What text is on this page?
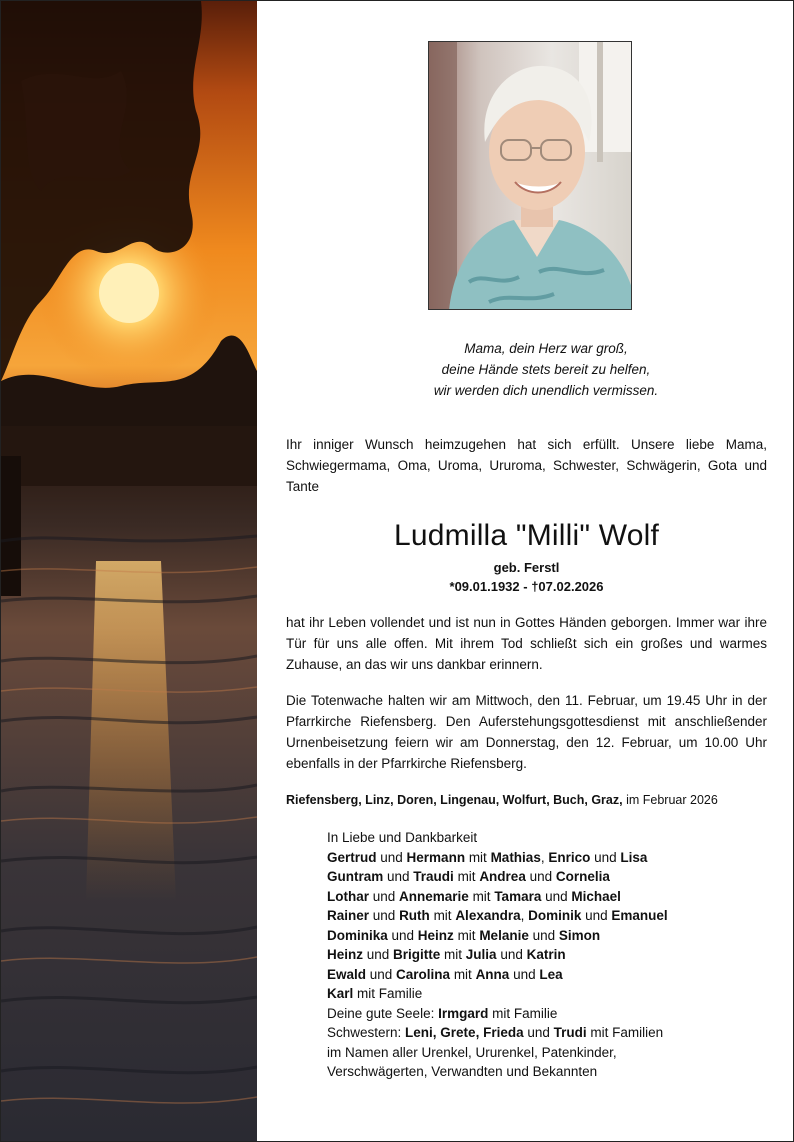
Mama, dein Herz war groß,
deine Hände stets bereit zu helfen,
wir werden dich unendlich vermissen.
Ihr inniger Wunsch heimzugehen hat sich erfüllt. Unsere liebe Mama, Schwiegermama, Oma, Uroma, Ururoma, Schwester, Schwägerin, Gota und Tante
Ludmilla "Milli" Wolf
geb. Ferstl
*09.01.1932 - †07.02.2026
hat ihr Leben vollendet und ist nun in Gottes Händen geborgen. Immer war ihre Tür für uns alle offen. Mit ihrem Tod schließt sich ein großes und warmes Zuhause, an das wir uns dankbar erinnern.
Die Totenwache halten wir am Mittwoch, den 11. Februar, um 19.45 Uhr in der Pfarrkirche Riefensberg. Den Auferstehungsgottesdienst mit anschließender Urnenbeisetzung feiern wir am Donnerstag, den 12. Februar, um 10.00 Uhr ebenfalls in der Pfarrkirche Riefensberg.
Riefensberg, Linz, Doren, Lingenau, Wolfurt, Buch, Graz, im Februar 2026
In Liebe und Dankbarkeit
Gertrud und Hermann mit Mathias, Enrico und Lisa
Guntram und Traudi mit Andrea und Cornelia
Lothar und Annemarie mit Tamara und Michael
Rainer und Ruth mit Alexandra, Dominik und Emanuel
Dominika und Heinz mit Melanie und Simon
Heinz und Brigitte mit Julia und Katrin
Ewald und Carolina mit Anna und Lea
Karl mit Familie
Deine gute Seele: Irmgard mit Familie
Schwestern: Leni, Grete, Frieda und Trudi mit Familien
im Namen aller Urenkel, Ururenkel, Patenkinder,
Verschwägerten, Verwandten und Bekannten
